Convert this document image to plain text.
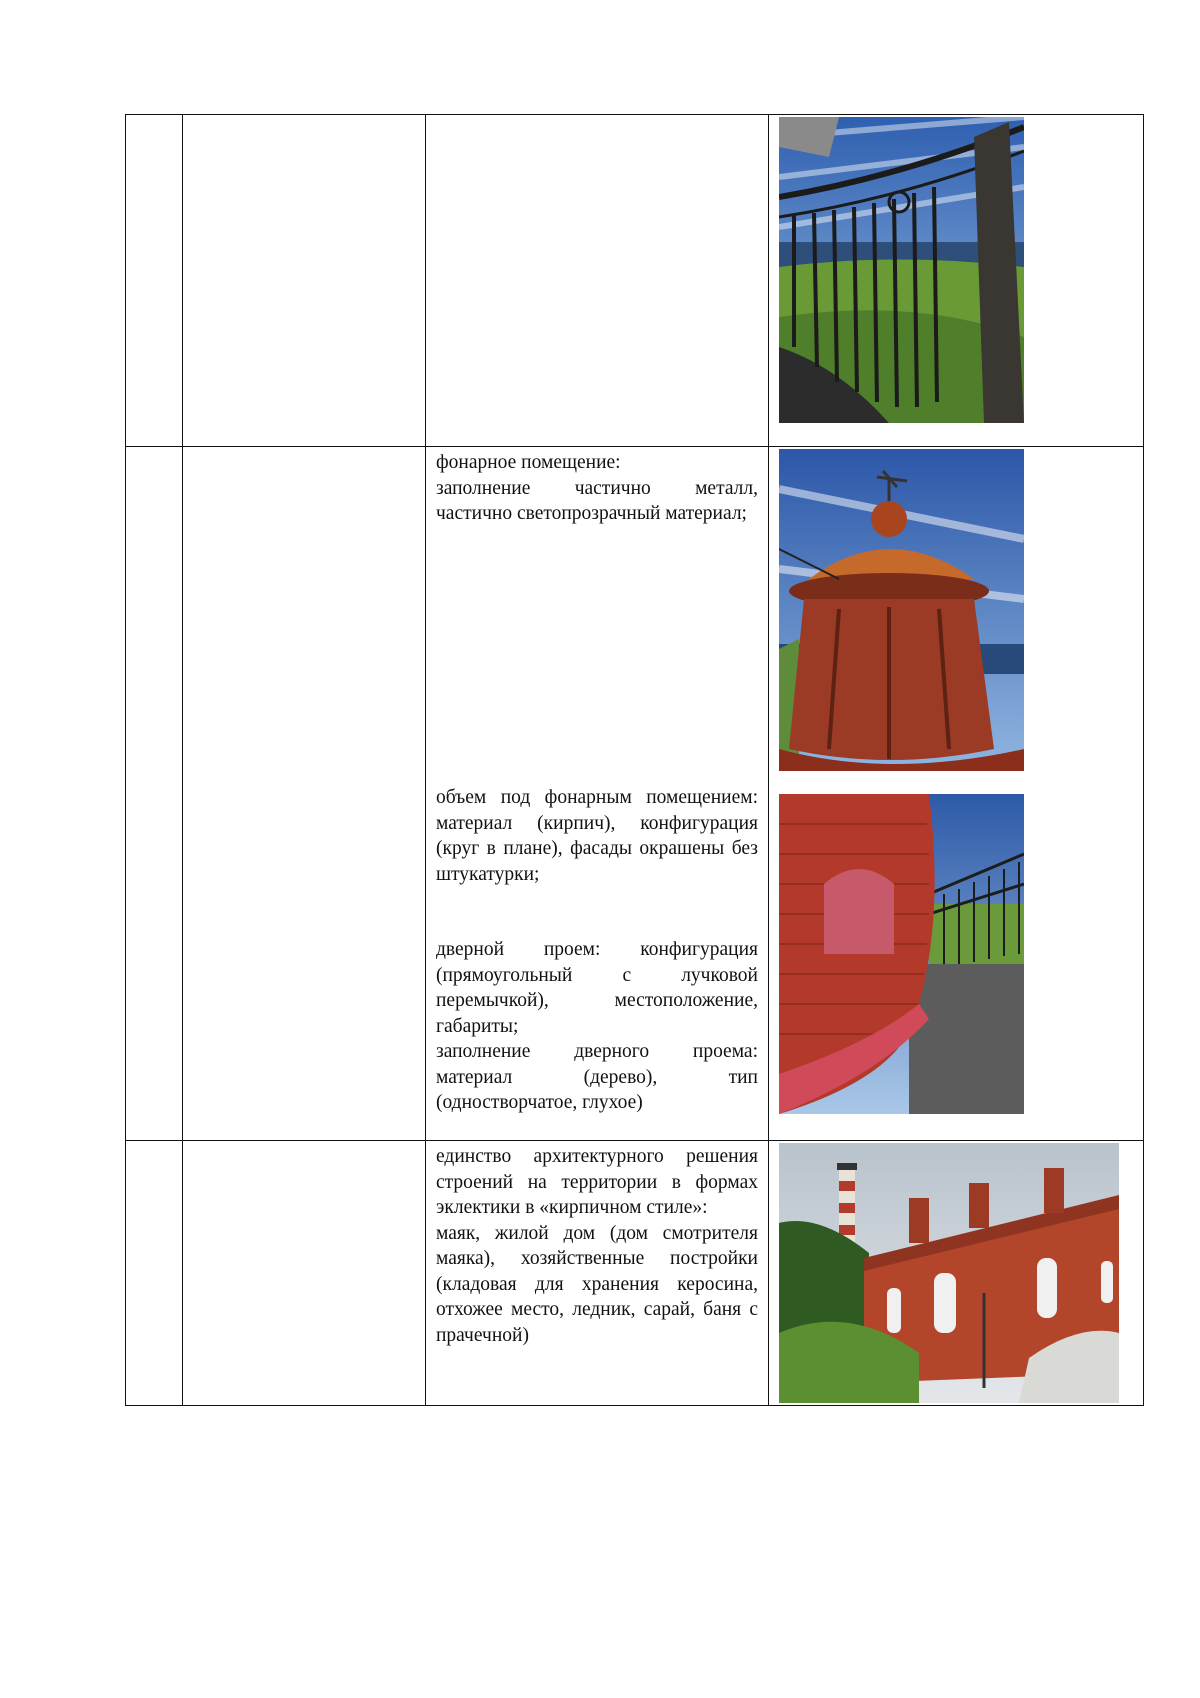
		фонарное помещение:
заполнение частично металл, частично светопрозрачный материал;
объем под фонарным помещением: материал (кирпич), конфигурация (круг в плане), фасады окрашены без штукатурки;
дверной проем: конфигурация (прямоугольный с лучковой перемычкой), местоположение, габариты;
заполнение дверного проема: материал (дерево), тип (одностворчатое, глухое)

		единство архитектурного решения строений на территории в формах эклектики в «кирпичном стиле»:
маяк, жилой дом (дом смотрителя маяка), хозяйственные постройки (кладовая для хранения керосина, отхожее место, ледник, сарай, баня с прачечной)
